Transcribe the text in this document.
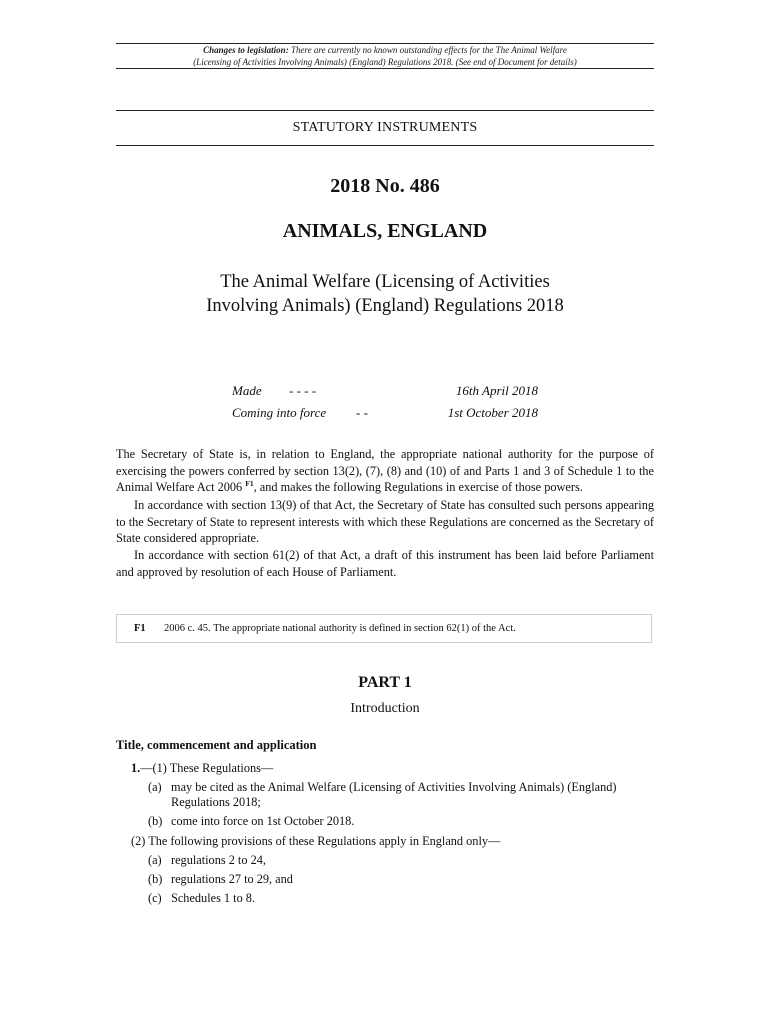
Changes to legislation: There are currently no known outstanding effects for the The Animal Welfare
(Licensing of Activities Involving Animals) (England) Regulations 2018. (See end of Document for details)
STATUTORY INSTRUMENTS
2018 No. 486
ANIMALS, ENGLAND
The Animal Welfare (Licensing of Activities
Involving Animals) (England) Regulations 2018
Made - - - -	16th April 2018
Coming into force - -	1st October 2018
The Secretary of State is, in relation to England, the appropriate national authority for the purpose of exercising the powers conferred by section 13(2), (7), (8) and (10) of and Parts 1 and 3 of Schedule 1 to the Animal Welfare Act 2006 $^{F1}$, and makes the following Regulations in exercise of those powers.
In accordance with section 13(9) of that Act, the Secretary of State has consulted such persons appearing to the Secretary of State to represent interests with which these Regulations are concerned as the Secretary of State considered appropriate.
In accordance with section 61(2) of that Act, a draft of this instrument has been laid before Parliament and approved by resolution of each House of Parliament.
F1 2006 c. 45. The appropriate national authority is defined in section 62(1) of the Act.
PART 1
Introduction
Title, commencement and application
1.—(1) These Regulations—
(a) may be cited as the Animal Welfare (Licensing of Activities Involving Animals) (England)
Regulations 2018;
(b) come into force on 1st October 2018.
(2) The following provisions of these Regulations apply in England only—
(a) regulations 2 to 24,
(b) regulations 27 to 29, and
(c) Schedules 1 to 8.
